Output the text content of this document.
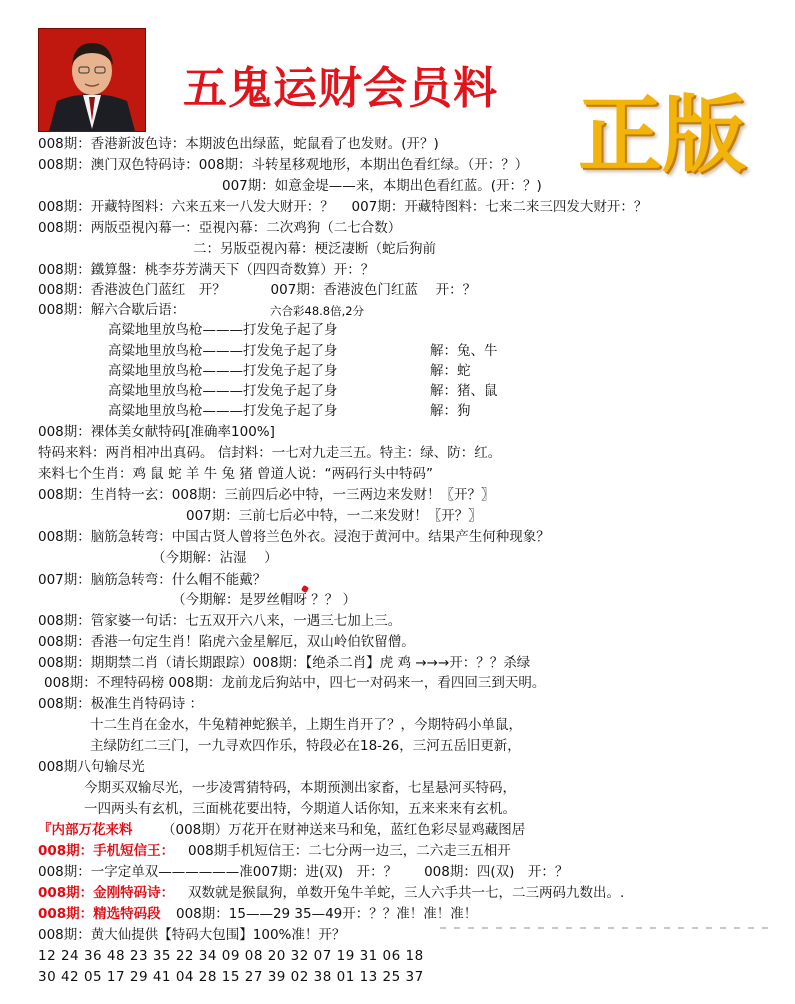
五鬼运财会员料 正版
008期：香港新波色诗：本期波色出绿蓝，蛇鼠看了也发财。(开？)
008期：澳门双色特码诗：008期：斗转星移观地形，本期出色看红绿。（开：？）
007期：如意金堤——来，本期出色看红蓝。(开：？)
008期：开藏特图料：六来五来一八发大财开：？　 007期：开藏特图料：七来二来三四发大财开：？
008期：两版亞視內幕一：亞視內幕：二次鸡狗（二七合数）
二：另版亞視內幕：梗泛凄断（蛇后狗前
008期：鐵算盤：桃李芬芳满天下（四四奇数算）开：？
008期：香港波色门蓝红　开？　　　 007期：香港波色门红蓝　 开：？
008期：解六合歇后语：	六合彩48.8倍,2分
高粱地里放鸟枪———打发兔子起了身
高粱地里放鸟枪———打发兔子起了身	解：兔、牛
高粱地里放鸟枪———打发兔子起了身	解：蛇
高粱地里放鸟枪———打发兔子起了身	解：猪、鼠
高粱地里放鸟枪———打发兔子起了身	解：狗
008期：裸体美女献特码[准确率100%]
特码来料：两肖相冲出真码。 信封料：一七对九走三五。特主：绿、防：红。
来料七个生肖：鸡 鼠 蛇 羊 牛 兔 猪 曾道人说：“两码行头中特码”
008期：生肖特一玄：008期：三前四后必中特，一三两边来发财！〖开？〗
007期：三前七后必中特，一二来发财！〖开？〗
008期：脑筋急转弯：中国古贤人曾将兰色外衣。浸泡于黄河中。结果产生何种现象？
（今期解：沾湿　 ）
007期：脑筋急转弯：什么帽不能戴？
（今期解：是罗丝帽呀 ？？ ）
008期：管家婆一句话：七五双开六八来，一遇三七加上三。
008期：香港一句定生肖！陷虎六金星解厄，双山岭伯钦留僧。
008期：期期禁二肖（请长期跟踪）008期：【绝杀二肖】虎 鸡 →→→开：？？杀绿
008期：不理特码榜 008期：龙前龙后狗站中，四七一对码来一，看四回三到天明。
008期：极准生肖特码诗 ：
十二生肖在金水，牛兔精神蛇猴羊，上期生肖开了？，今期特码小单鼠，
主绿防红二三门，一九寻欢四作乐，特段必在18-26，三河五岳旧更新，
008期八句输尽光
今期买双输尽光，一步凌霄猜特码，本期预测出家畜，七星悬河买特码，
一四两头有玄机，三面桃花要出特，今期道人话你知，五来来来有玄机。
『内部万花来料 （008期）万花开在财神送来马和兔，蓝红色彩尽显鸡藏图居
008期：手机短信王： 008期手机短信王：二七分两一边三，二六走三五相开
008期：一字定单双——————准007期：进(双)　开：？　　008期：四(双)　开：？
008期：金刚特码诗： 双数就是猴鼠狗，单数开兔牛羊蛇，三人六手共一七，二三两码九数出。.
008期：精选特码段 008期：15——29 35—49开：？？准！准！准！
008期：黄大仙提供【特码大包围】100%准！开？
12 24 36 48 23 35 22 34 09 08 20 32 07 19 31 06 18
30 42 05 17 29 41 04 28 15 27 39 02 38 01 13 25 37
